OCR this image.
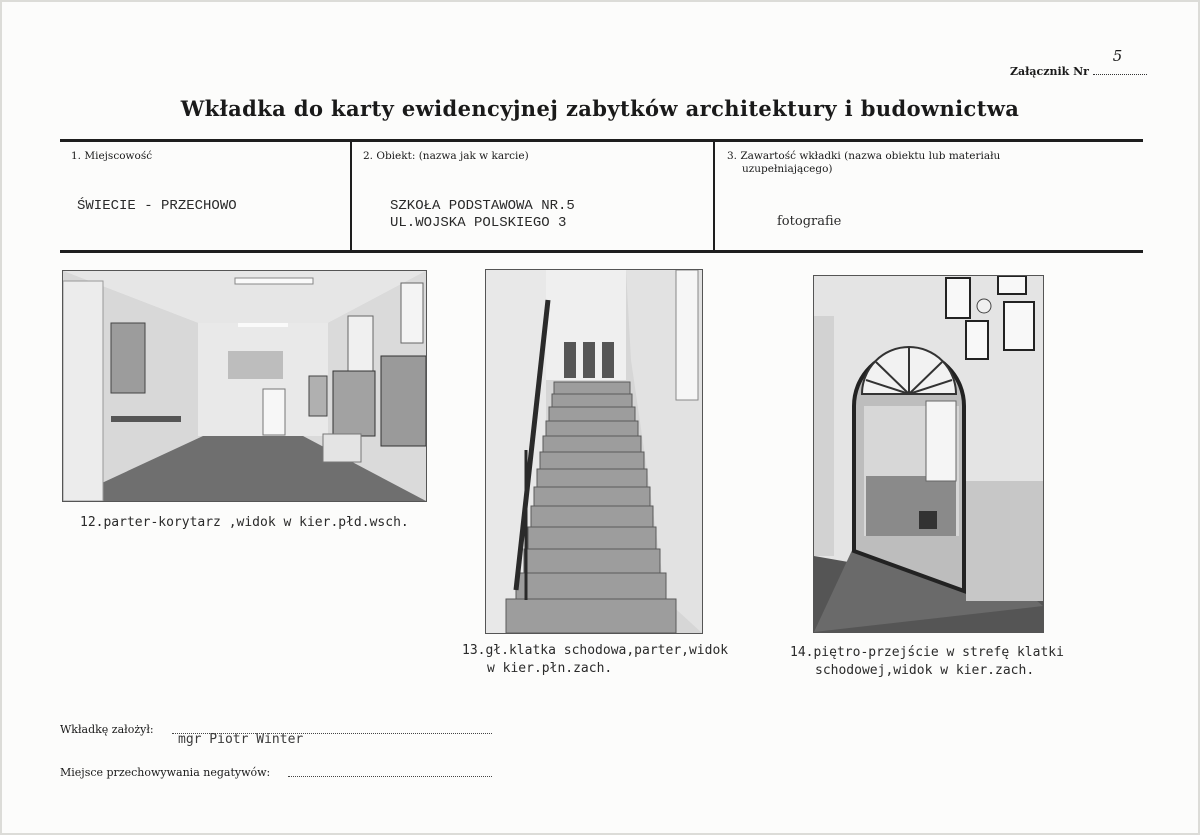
Załącznik Nr
5
Wkładka do karty ewidencyjnej zabytków architektury i budownictwa
1. Miejscowość
ŚWIECIE - PRZECHOWO
2. Obiekt: (nazwa jak w karcie)
SZKOŁA PODSTAWOWA NR.5
UL.WOJSKA POLSKIEGO 3
3. Zawartość wkładki (nazwa obiektu lub materiału
uzupełniającego)
fotografie
12.parter-korytarz ,widok w kier.płd.wsch.
13.gł.klatka schodowa,parter,widok
w kier.płn.zach.
14.piętro-przejście w strefę klatki
schodowej,widok w kier.zach.
Wkładkę założył:
mgr Piotr Winter
Miejsce przechowywania negatywów:
